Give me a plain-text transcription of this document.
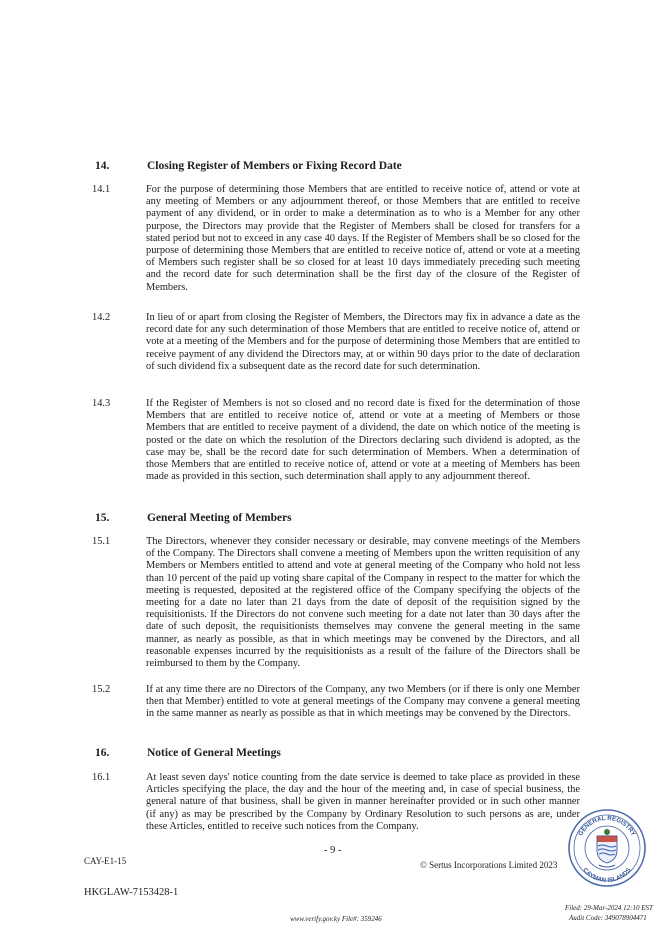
14.	Closing Register of Members or Fixing Record Date
14.1	For the purpose of determining those Members that are entitled to receive notice of, attend or vote at any meeting of Members or any adjournment thereof, or those Members that are entitled to receive payment of any dividend, or in order to make a determination as to who is a Member for any other purpose, the Directors may provide that the Register of Members shall be closed for transfers for a stated period but not to exceed in any case 40 days. If the Register of Members shall be so closed for the purpose of determining those Members that are entitled to receive notice of, attend or vote at a meeting of Members such register shall be so closed for at least 10 days immediately preceding such meeting and the record date for such determination shall be the first day of the closure of the Register of Members.
14.2	In lieu of or apart from closing the Register of Members, the Directors may fix in advance a date as the record date for any such determination of those Members that are entitled to receive notice of, attend or vote at a meeting of the Members and for the purpose of determining those Members that are entitled to receive payment of any dividend the Directors may, at or within 90 days prior to the date of declaration of such dividend fix a subsequent date as the record date for such determination.
14.3	If the Register of Members is not so closed and no record date is fixed for the determination of those Members that are entitled to receive notice of, attend or vote at a meeting of Members or those Members that are entitled to receive payment of a dividend, the date on which notice of the meeting is posted or the date on which the resolution of the Directors declaring such dividend is adopted, as the case may be, shall be the record date for such determination of Members. When a determination of those Members that are entitled to receive notice of, attend or vote at a meeting of Members has been made as provided in this section, such determination shall apply to any adjournment thereof.
15.	General Meeting of Members
15.1	The Directors, whenever they consider necessary or desirable, may convene meetings of the Members of the Company. The Directors shall convene a meeting of Members upon the written requisition of any Members or Members entitled to attend and vote at general meeting of the Company who hold not less than 10 percent of the paid up voting share capital of the Company in respect to the matter for which the meeting is requested, deposited at the registered office of the Company specifying the objects of the meeting for a date no later than 21 days from the date of deposit of the requisition signed by the requisitionists. If the Directors do not convene such meeting for a date not later than 30 days after the date of such deposit, the requisitionists themselves may convene the general meeting in the same manner, as nearly as possible, as that in which meetings may be convened by the Directors, and all reasonable expenses incurred by the requisitionists as a result of the failure of the Directors shall be reimbursed to them by the Company.
15.2	If at any time there are no Directors of the Company, any two Members (or if there is only one Member then that Member) entitled to vote at general meetings of the Company may convene a general meeting in the same manner as nearly as possible as that in which meetings may be convened by the Directors.
16.	Notice of General Meetings
16.1	At least seven days' notice counting from the date service is deemed to take place as provided in these Articles specifying the place, the day and the hour of the meeting and, in case of special business, the general nature of that business, shall be given in manner hereinafter provided or in such other manner (if any) as may be prescribed by the Company by Ordinary Resolution to such persons as are, under these Articles, entitled to receive such notices from the Company.
- 9 -
CAY-E1-15	© Sertus Incorporations Limited 2023
HKGLAW-7153428-1
www.verify.gov.ky File#: 359246
Filed: 29-Mar-2024 12:10 EST
Audit Code: 349078904471
GENERAL REGISTRY
CAYMAN ISLANDS
